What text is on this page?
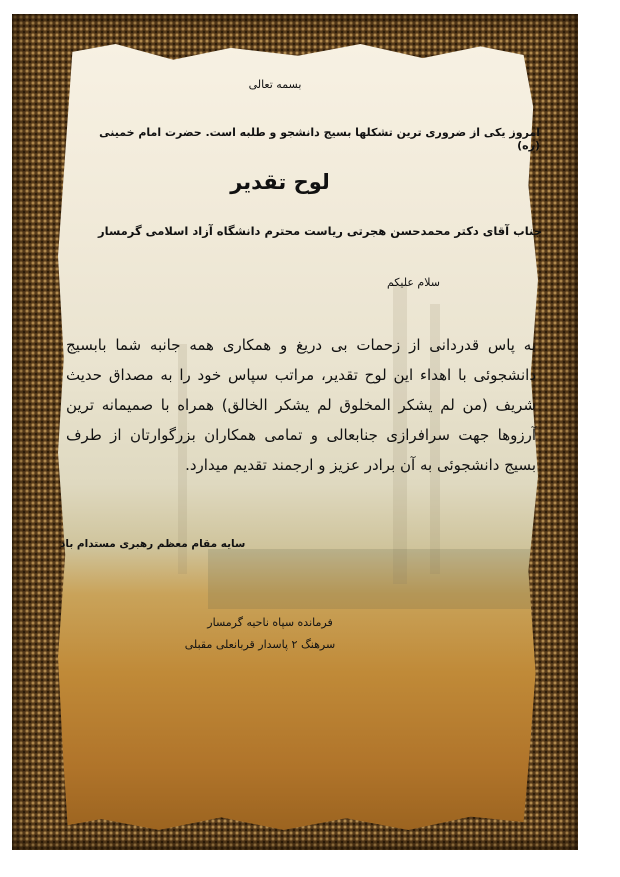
بسمه تعالی
امروز یکی از ضروری ترین تشکلها بسیج دانشجو و طلبه است. حضرت امام خمینی (ره)
لوح تقدیر
جناب آقای دکتر محمدحسن هجرتی ریاست محترم دانشگاه آزاد اسلامی گرمسار
سلام علیکم
به پاس قدردانی از زحمات بی دریغ و همکاری همه جانبه شما بابسیج دانشجوئی با اهداء این لوح تقدیر، مراتب سپاس خود را به مصداق حدیث شریف (من لم یشکر المخلوق لم یشکر الخالق) همراه با صمیمانه ترین آرزوها جهت سرافرازی جنابعالی و تمامی همکاران بزرگوارتان از طرف بسیج دانشجوئی به آن برادر عزیز و ارجمند تقدیم میدارد.
سایه مقام معظم رهبری مستدام باد
فرمانده سپاه ناحیه گرمسار
سرهنگ ۲ پاسدار قربانعلی مقبلی
